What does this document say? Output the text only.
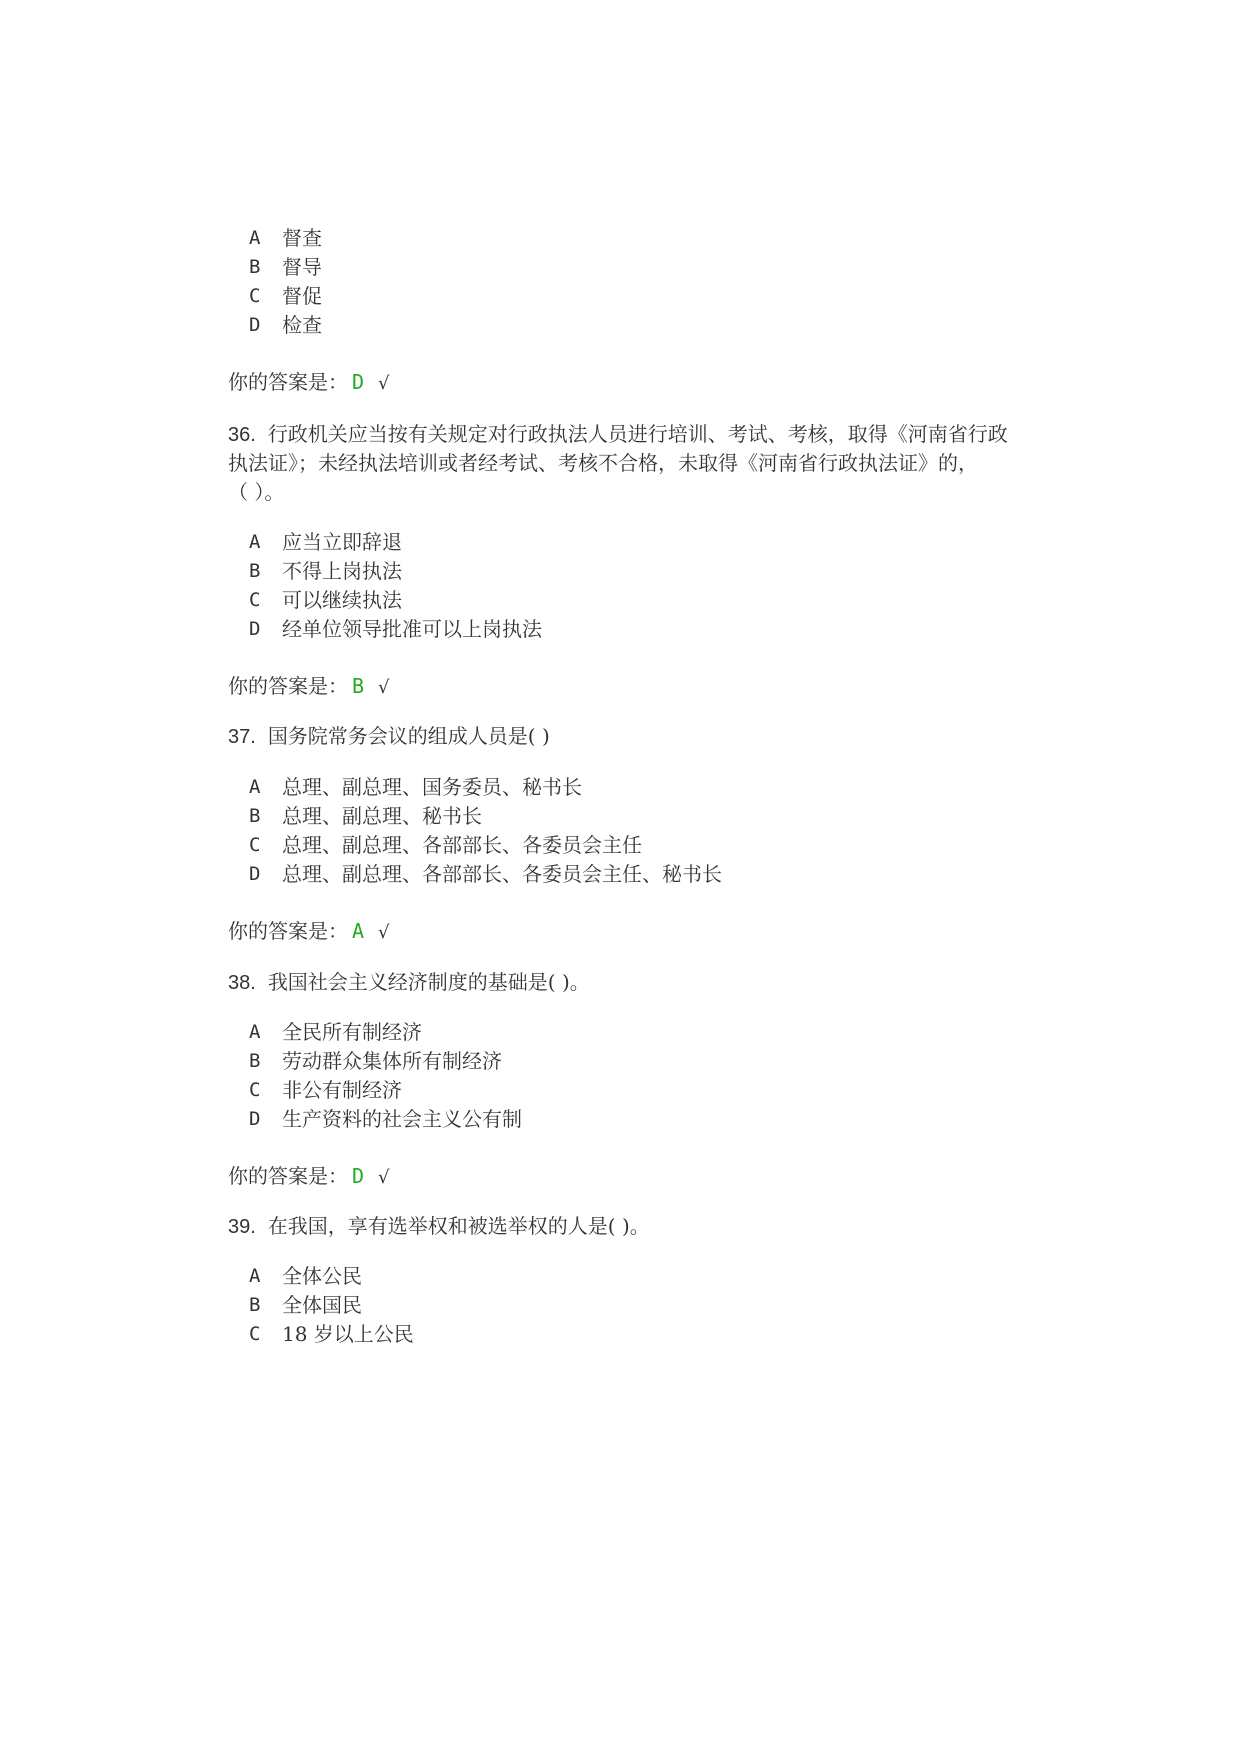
A 督查
B 督导
C 督促
D 检查
你的答案是： D √
36. 行政机关应当按有关规定对行政执法人员进行培训、考试、考核，取得《河南省行政
执法证》；未经执法培训或者经考试、考核不合格，未取得《河南省行政执法证》的，
（ ）。
A 应当立即辞退
B 不得上岗执法
C 可以继续执法
D 经单位领导批准可以上岗执法
你的答案是： B √
37. 国务院常务会议的组成人员是( )
A 总理、副总理、国务委员、秘书长
B 总理、副总理、秘书长
C 总理、副总理、各部部长、各委员会主任
D 总理、副总理、各部部长、各委员会主任、秘书长
你的答案是： A √
38. 我国社会主义经济制度的基础是( )。
A 全民所有制经济
B 劳动群众集体所有制经济
C 非公有制经济
D 生产资料的社会主义公有制
你的答案是： D √
39. 在我国，享有选举权和被选举权的人是( )。
A 全体公民
B 全体国民
C 18 岁以上公民
